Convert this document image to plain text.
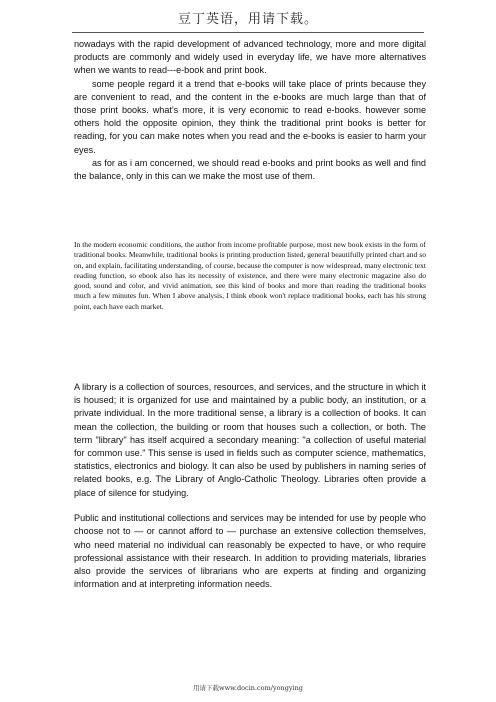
豆丁英语，用请下载。

nowadays with the rapid development of advanced technology, more and more digital products are commonly and widely used in everyday life, we have more alternatives when we wants to read---e-book and print book.

some people regard it a trend that e-books will take place of prints because they are convenient to read, and the content in the e-books are much large than that of those print books. what's more, it is very economic to read e-books. however some others hold the opposite opinion, they think the traditional print books is better for reading, for you can make notes when you read and the e-books is easier to harm your eyes.

as for as i am concerned, we should read e-books and print books as well and find the balance, only in this can we make the most use of them.

In the modern economic conditions, the author from income profitable purpose, most new book exists in the form of traditional books. Meanwhile, traditional books is printing production listed, general beautifully printed chart and so on, and explain, facilitating understanding, of course, because the computer is now widespread, many electronic text reading function, so ebook also has its necessity of existence, and there were many electronic magazine also do good, sound and color, and vivid animation, see this kind of books and more than reading the traditional books much a few minutes fun. When I above analysis, I think ebook won't replace traditional books, each has his strong point, each have each market.

A library is a collection of sources, resources, and services, and the structure in which it is housed; it is organized for use and maintained by a public body, an institution, or a private individual. In the more traditional sense, a library is a collection of books. It can mean the collection, the building or room that houses such a collection, or both. The term "library" has itself acquired a secondary meaning: "a collection of useful material for common use." This sense is used in fields such as computer science, mathematics, statistics, electronics and biology. It can also be used by publishers in naming series of related books, e.g. The Library of Anglo-Catholic Theology. Libraries often provide a place of silence for studying.

Public and institutional collections and services may be intended for use by people who choose not to — or cannot afford to — purchase an extensive collection themselves, who need material no individual can reasonably be expected to have, or who require professional assistance with their research. In addition to providing materials, libraries also provide the services of librarians who are experts at finding and organizing information and at interpreting information needs.

用请下载www.docin.com/yongying
